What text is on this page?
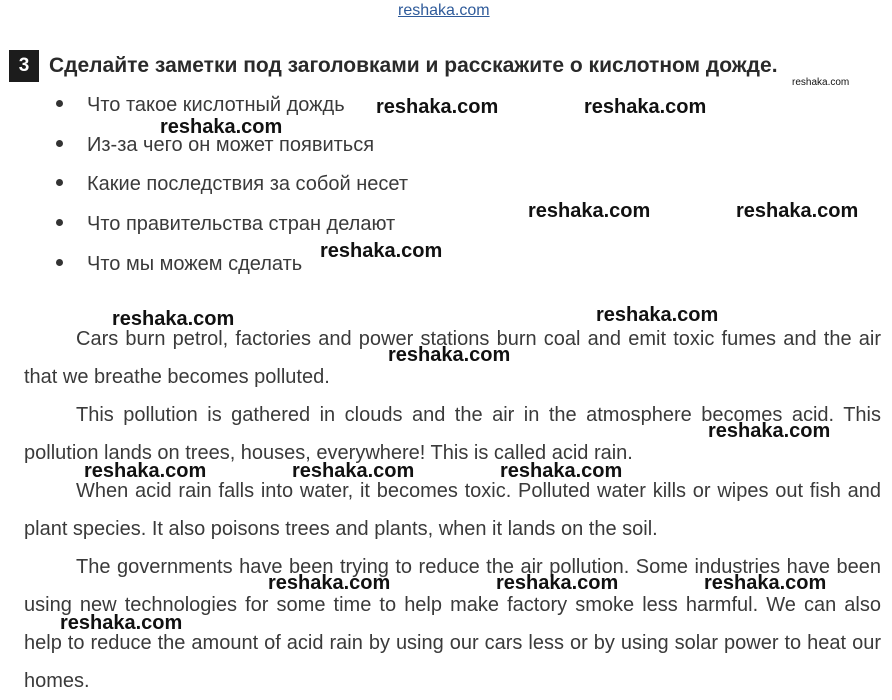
reshaka.com
3 Сделайте заметки под заголовками и расскажите о кислотном дожде.
reshaka.com
Что такое кислотный дождь
Из-за чего он может появиться
Какие последствия за собой несет
Что правительства стран делают
Что мы можем сделать

Cars burn petrol, factories and power stations burn coal and emit toxic fumes and the air that we breathe becomes polluted.

This pollution is gathered in clouds and the air in the atmosphere becomes acid. This pollution lands on trees, houses, everywhere! This is called acid rain.

When acid rain falls into water, it becomes toxic. Polluted water kills or wipes out fish and plant species. It also poisons trees and plants, when it lands on the soil.

The governments have been trying to reduce the air pollution. Some industries have been using new technologies for some time to help make factory smoke less harmful. We can also help to reduce the amount of acid rain by using our cars less or by using solar power to heat our homes.

reshaka.com	reshaka.com
reshaka.com
reshaka.com	reshaka.com
reshaka.com
reshaka.com
reshaka.com
reshaka.com
reshaka.com
reshaka.com	reshaka.com	reshaka.com
reshaka.com	reshaka.com	reshaka.com
reshaka.com
